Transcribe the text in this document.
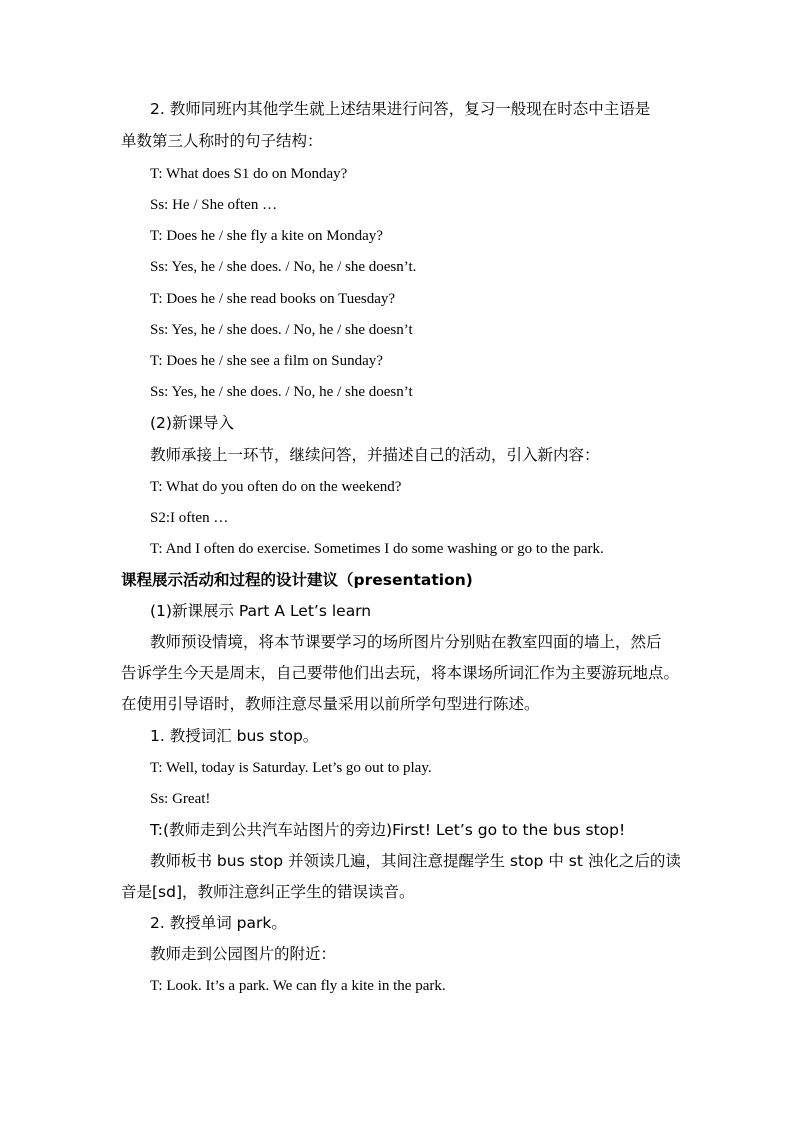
2. 教师同班内其他学生就上述结果进行问答，复习一般现在时态中主语是
单数第三人称时的句子结构：
T: What does S1 do on Monday?
Ss: He / She often …
T: Does he / she fly a kite on Monday?
Ss: Yes, he / she does. / No, he / she doesn’t.
T: Does he / she read books on Tuesday?
Ss: Yes, he / she does. / No, he / she doesn’t
T: Does he / she see a film on Sunday?
Ss: Yes, he / she does. / No, he / she doesn’t
(2)新课导入
教师承接上一环节，继续问答，并描述自己的活动，引入新内容：
T: What do you often do on the weekend?
S2:I often …
T: And I often do exercise. Sometimes I do some washing or go to the park.
课程展示活动和过程的设计建议（presentation)
(1)新课展示 Part A Let’s learn
教师预设情境，将本节课要学习的场所图片分别贴在教室四面的墙上，然后
告诉学生今天是周末，自己要带他们出去玩，将本课场所词汇作为主要游玩地点。
在使用引导语时，教师注意尽量采用以前所学句型进行陈述。
1. 教授词汇 bus stop。
T: Well, today is Saturday. Let’s go out to play.
Ss: Great!
T:(教师走到公共汽车站图片的旁边)First! Let’s go to the bus stop!
教师板书 bus stop 并领读几遍，其间注意提醒学生 stop 中 st 浊化之后的读
音是[sd]，教师注意纠正学生的错误读音。
2. 教授单词 park。
教师走到公园图片的附近：
T: Look. It’s a park. We can fly a kite in the park.
